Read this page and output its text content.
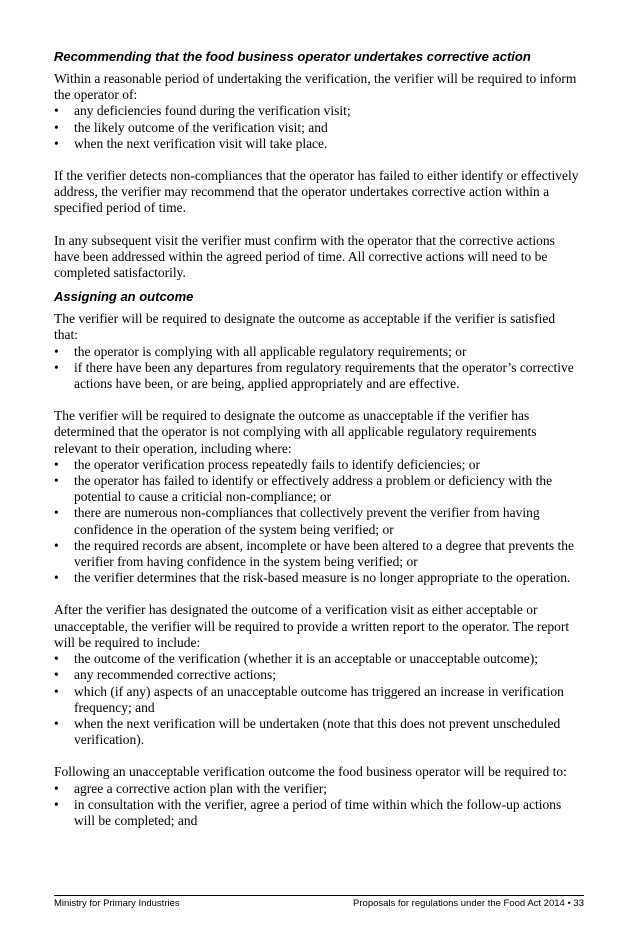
Recommending that the food business operator undertakes corrective action

Within a reasonable period of undertaking the verification, the verifier will be required to inform the operator of:

• any deficiencies found during the verification visit;
• the likely outcome of the verification visit; and
• when the next verification visit will take place.

If the verifier detects non-compliances that the operator has failed to either identify or effectively address, the verifier may recommend that the operator undertakes corrective action within a specified period of time.

In any subsequent visit the verifier must confirm with the operator that the corrective actions have been addressed within the agreed period of time. All corrective actions will need to be completed satisfactorily.

Assigning an outcome

The verifier will be required to designate the outcome as acceptable if the verifier is satisfied that:

• the operator is complying with all applicable regulatory requirements; or
• if there have been any departures from regulatory requirements that the operator’s corrective actions have been, or are being, applied appropriately and are effective.

The verifier will be required to designate the outcome as unacceptable if the verifier has determined that the operator is not complying with all applicable regulatory requirements relevant to their operation, including where:

• the operator verification process repeatedly fails to identify deficiencies; or
• the operator has failed to identify or effectively address a problem or deficiency with the potential to cause a criticial non-compliance; or
• there are numerous non-compliances that collectively prevent the verifier from having confidence in the operation of the system being verified; or
• the required records are absent, incomplete or have been altered to a degree that prevents the verifier from having confidence in the system being verified; or
• the verifier determines that the risk-based measure is no longer appropriate to the operation.

After the verifier has designated the outcome of a verification visit as either acceptable or unacceptable, the verifier will be required to provide a written report to the operator. The report will be required to include:

• the outcome of the verification (whether it is an acceptable or unacceptable outcome);
• any recommended corrective actions;
• which (if any) aspects of an unacceptable outcome has triggered an increase in verification frequency; and
• when the next verification will be undertaken (note that this does not prevent unscheduled verification).

Following an unacceptable verification outcome the food business operator will be required to:

• agree a corrective action plan with the verifier;
• in consultation with the verifier, agree a period of time within which the follow-up actions will be completed; and
Ministry for Primary Industries	Proposals for regulations under the Food Act 2014 • 33
